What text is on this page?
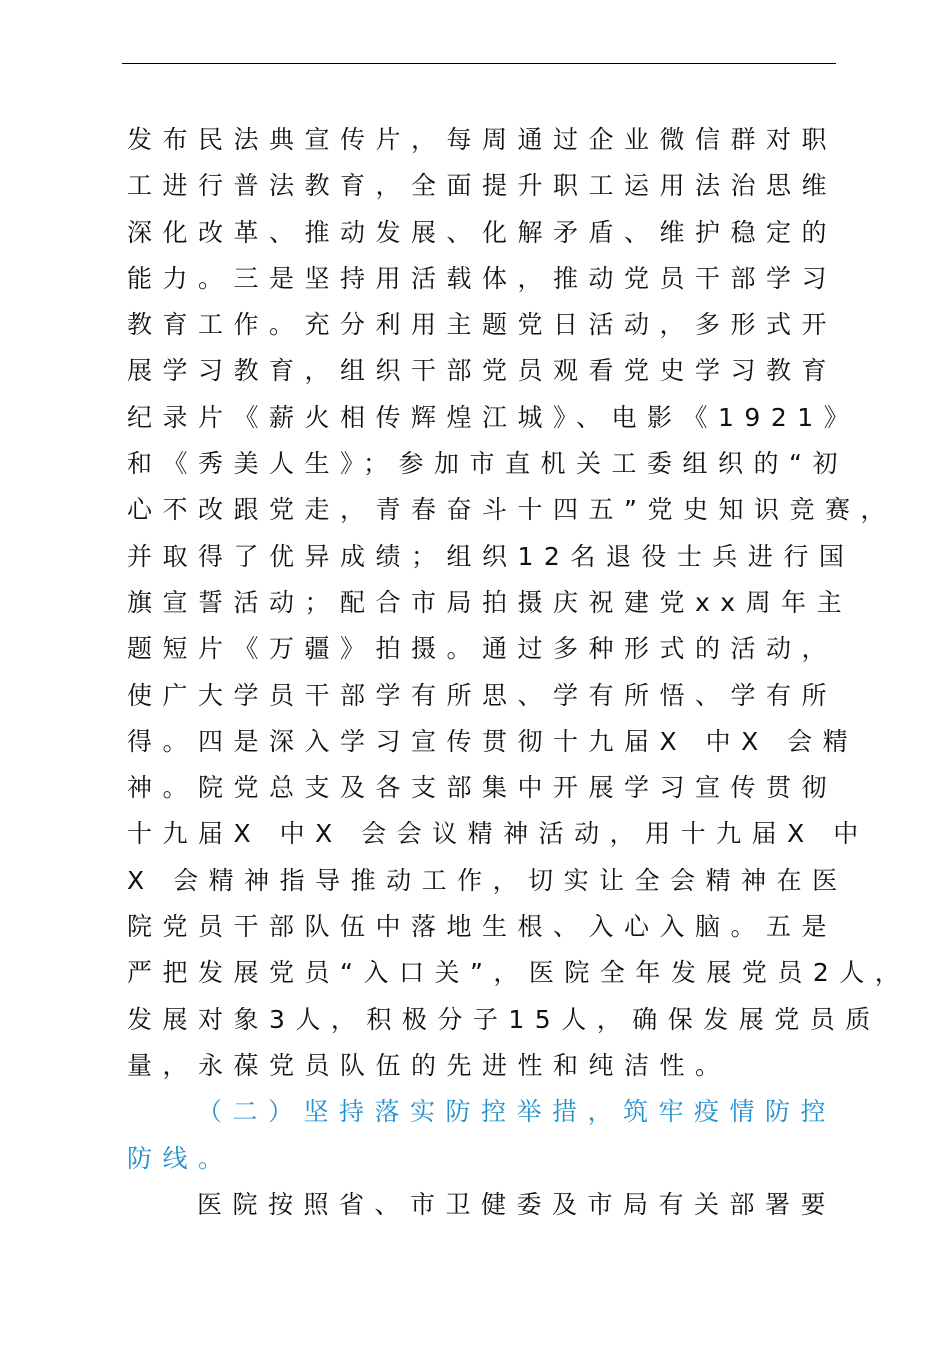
发布民法典宣传片，每周通过企业微信群对职
工进行普法教育，全面提升职工运用法治思维
深化改革、推动发展、化解矛盾、维护稳定的
能力。三是坚持用活载体，推动党员干部学习
教育工作。充分利用主题党日活动，多形式开
展学习教育，组织干部党员观看党史学习教育
纪录片《薪火相传辉煌江城》、电影《1921》
和《秀美人生》；参加市直机关工委组织的“初
心不改跟党走，青春奋斗十四五”党史知识竞赛，
并取得了优异成绩；组织12名退役士兵进行国
旗宣誓活动；配合市局拍摄庆祝建党xx周年主
题短片《万疆》拍摄。通过多种形式的活动，
使广大学员干部学有所思、学有所悟、学有所
得。四是深入学习宣传贯彻十九届X 中X 会精
神。院党总支及各支部集中开展学习宣传贯彻
十九届X 中X 会会议精神活动，用十九届X 中
X 会精神指导推动工作，切实让全会精神在医
院党员干部队伍中落地生根、入心入脑。五是
严把发展党员“入口关”，医院全年发展党员2人，
发展对象3人，积极分子15人，确保发展党员质
量，永葆党员队伍的先进性和纯洁性。
（二）坚持落实防控举措，筑牢疫情防控
防线。
医院按照省、市卫健委及市局有关部署要
